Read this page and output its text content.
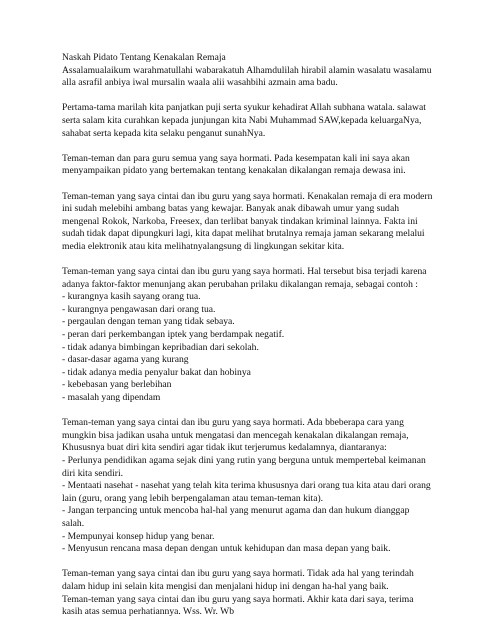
Naskah Pidato Tentang Kenakalan Remaja
Assalamualaikum warahmatullahi wabarakatuh Alhamdulilah hirabil alamin wasalatu wasalamu
alla asrafil anbiya iwal mursalin waala alii wasahbihi azmain ama badu.
Pertama-tama marilah kita panjatkan puji serta syukur kehadirat Allah subhana watala. salawat
serta salam kita curahkan kepada junjungan kita Nabi Muhammad SAW,kepada keluargaNya,
sahabat serta kepada kita selaku penganut sunahNya.
Teman-teman dan para guru semua yang saya hormati. Pada kesempatan kali ini saya akan
menyampaikan pidato yang bertemakan tentang kenakalan dikalangan remaja dewasa ini.
Teman-teman yang saya cintai dan ibu guru yang saya hormati. Kenakalan remaja di era modern
ini sudah melebihi ambang batas yang kewajar. Banyak anak dibawah umur yang sudah
mengenal Rokok, Narkoba, Freesex, dan terlibat banyak tindakan kriminal lainnya. Fakta ini
sudah tidak dapat dipungkuri lagi, kita dapat melihat brutalnya remaja jaman sekarang melalui
media elektronik atau kita melihatnyalangsung di lingkungan sekitar kita.
Teman-teman yang saya cintai dan ibu guru yang saya hormati. Hal tersebut bisa terjadi karena
adanya faktor-faktor menunjang akan perubahan prilaku dikalangan remaja, sebagai contoh :
- kurangnya kasih sayang orang tua.
- kurangnya pengawasan dari orang tua.
- pergaulan dengan teman yang tidak sebaya.
- peran dari perkembangan iptek yang berdampak negatif.
- tidak adanya bimbingan kepribadian dari sekolah.
- dasar-dasar agama yang kurang
- tidak adanya media penyalur bakat dan hobinya
- kebebasan yang berlebihan
- masalah yang dipendam
Teman-teman yang saya cintai dan ibu guru yang saya hormati. Ada bbeberapa cara yang
mungkin bisa jadikan usaha untuk mengatasi dan mencegah kenakalan dikalangan remaja,
Khususnya buat diri kita sendiri agar tidak ikut terjerumus kedalamnya, diantaranya:
- Perlunya pendidikan agama sejak dini yang rutin yang berguna untuk mempertebal keimanan
diri kita sendiri.
- Mentaati nasehat - nasehat yang telah kita terima khususnya dari orang tua kita atau dari orang
lain (guru, orang yang lebih berpengalaman atau teman-teman kita).
- Jangan terpancing untuk mencoba hal-hal yang menurut agama dan dan hukum dianggap
salah.
- Mempunyai konsep hidup yang benar.
- Menyusun rencana masa depan dengan untuk kehidupan dan masa depan yang baik.
Teman-teman yang saya cintai dan ibu guru yang saya hormati. Tidak ada hal yang terindah
dalam hidup ini selain kita mengisi dan menjalani hidup ini dengan ha-hal yang baik.
Teman-teman yang saya cintai dan ibu guru yang saya hormati. Akhir kata dari saya, terima
kasih atas semua perhatiannya. Wss. Wr. Wb
